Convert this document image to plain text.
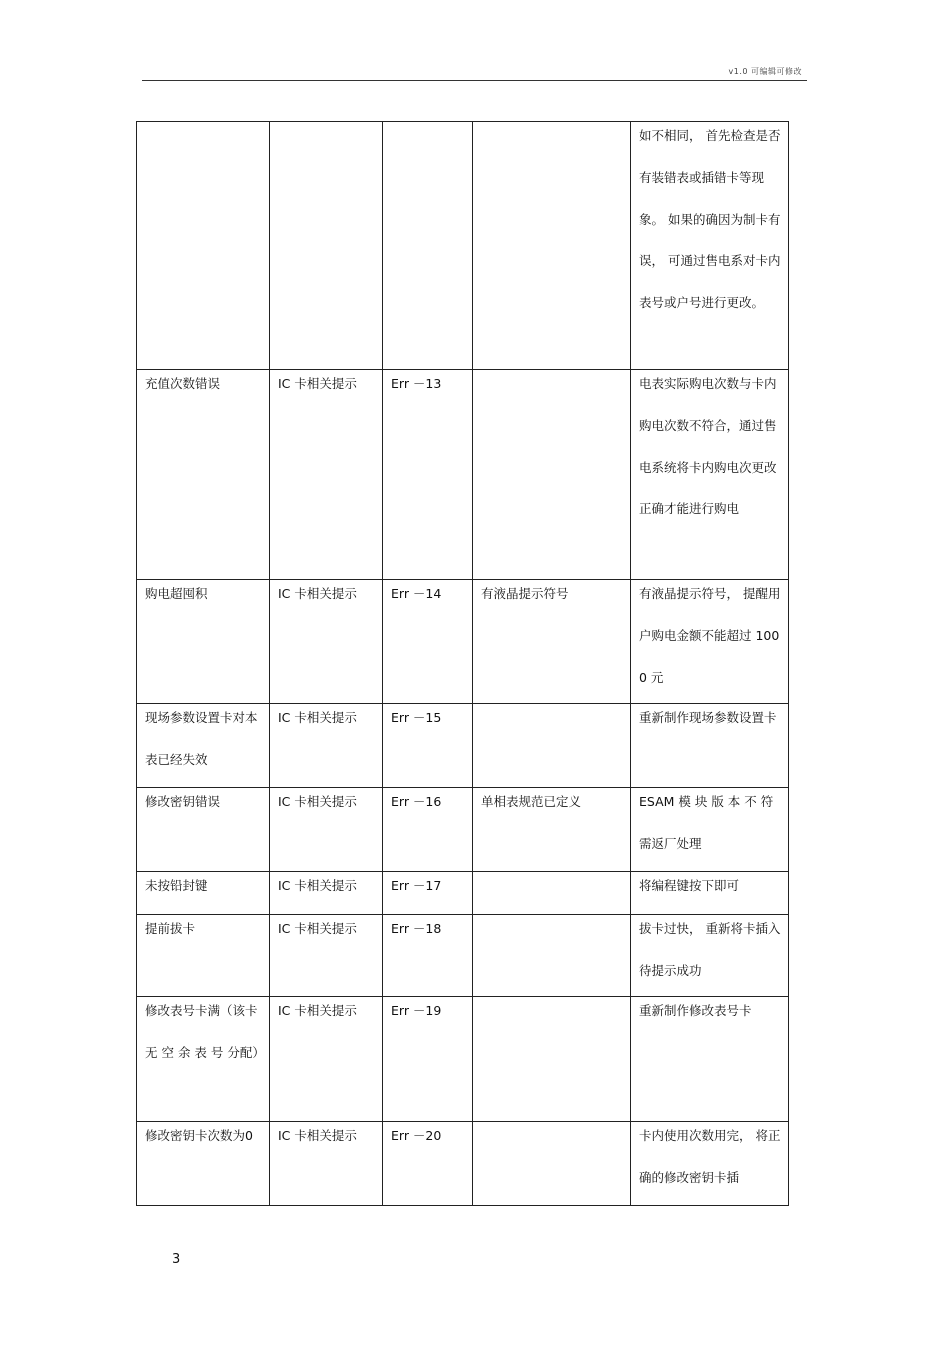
v1.0 可编辑可修改

				如不相同， 首先检查是否有装错表或插错卡等现象。 如果的确因为制卡有误， 可通过售电系对卡内表号或户号进行更改。

充值次数错误	IC 卡相关提示	Err －13		电表实际购电次数与卡内购电次数不符合，通过售电系统将卡内购电次更改正确才能进行购电

购电超囤积	IC 卡相关提示	Err －14	有液晶提示符号	有液晶提示符号， 提醒用户购电金额不能超过 1000 元

现场参数设置卡对本表已经失效	IC 卡相关提示	Err －15		重新制作现场参数设置卡

修改密钥错误	IC 卡相关提示	Err －16	单相表规范已定义	ESAM 模 块 版 本 不 符需返厂处理

未按铅封键	IC 卡相关提示	Err －17		将编程键按下即可

提前拔卡	IC 卡相关提示	Err －18		拔卡过快， 重新将卡插入待提示成功

修改表号卡满（该卡 无 空 余 表 号 分配）	IC 卡相关提示	Err －19		重新制作修改表号卡

修改密钥卡次数为0	IC 卡相关提示	Err －20		卡内使用次数用完， 将正确的修改密钥卡插
3
